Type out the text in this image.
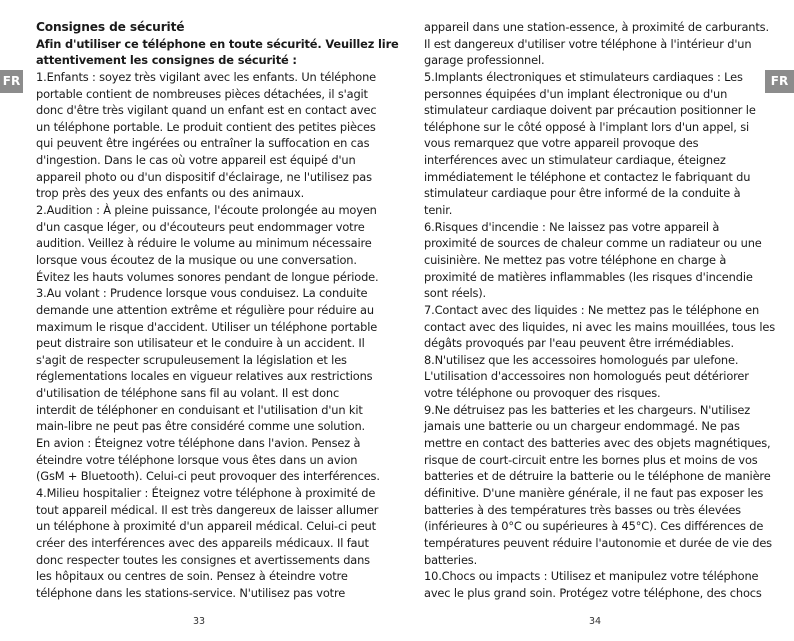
FR
Consignes de sécurité
Afin d'utiliser ce téléphone en toute sécurité. Veuillez lire
attentivement les consignes de sécurité :
1.Enfants : soyez très vigilant avec les enfants. Un téléphone
portable contient de nombreuses pièces détachées, il s'agit
donc d'être très vigilant quand un enfant est en contact avec
un téléphone portable. Le produit contient des petites pièces
qui peuvent être ingérées ou entraîner la suffocation en cas
d'ingestion. Dans le cas où votre appareil est équipé d'un
appareil photo ou d'un dispositif d'éclairage, ne l'utilisez pas
trop près des yeux des enfants ou des animaux.
2.Audition : À pleine puissance, l'écoute prolongée au moyen
d'un casque léger, ou d'écouteurs peut endommager votre
audition. Veillez à réduire le volume au minimum nécessaire
lorsque vous écoutez de la musique ou une conversation.
Évitez les hauts volumes sonores pendant de longue période.
3.Au volant : Prudence lorsque vous conduisez. La conduite
demande une attention extrême et régulière pour réduire au
maximum le risque d'accident. Utiliser un téléphone portable
peut distraire son utilisateur et le conduire à un accident. Il
s'agit de respecter scrupuleusement la législation et les
réglementations locales en vigueur relatives aux restrictions
d'utilisation de téléphone sans fil au volant. Il est donc
interdit de téléphoner en conduisant et l'utilisation d'un kit
main-libre ne peut pas être considéré comme une solution.
En avion : Éteignez votre téléphone dans l'avion. Pensez à
éteindre votre téléphone lorsque vous êtes dans un avion
(GsM + Bluetooth). Celui-ci peut provoquer des interférences.
4.Milieu hospitalier : Éteignez votre téléphone à proximité de
tout appareil médical. Il est très dangereux de laisser allumer
un téléphone à proximité d'un appareil médical. Celui-ci peut
créer des interférences avec des appareils médicaux. Il faut
donc respecter toutes les consignes et avertissements dans
les hôpitaux ou centres de soin. Pensez à éteindre votre
téléphone dans les stations-service. N'utilisez pas votre
33
FR
appareil dans une station-essence, à proximité de carburants.
Il est dangereux d'utiliser votre téléphone à l'intérieur d'un
garage professionnel.
5.Implants électroniques et stimulateurs cardiaques : Les
personnes équipées d'un implant électronique ou d'un
stimulateur cardiaque doivent par précaution positionner le
téléphone sur le côté opposé à l'implant lors d'un appel, si
vous remarquez que votre appareil provoque des
interférences avec un stimulateur cardiaque, éteignez
immédiatement le téléphone et contactez le fabriquant du
stimulateur cardiaque pour être informé de la conduite à
tenir.
6.Risques d'incendie : Ne laissez pas votre appareil à
proximité de sources de chaleur comme un radiateur ou une
cuisinière. Ne mettez pas votre téléphone en charge à
proximité de matières inflammables (les risques d'incendie
sont réels).
7.Contact avec des liquides : Ne mettez pas le téléphone en
contact avec des liquides, ni avec les mains mouillées, tous les
dégâts provoqués par l'eau peuvent être irrémédiables.
8.N'utilisez que les accessoires homologués par ulefone.
L'utilisation d'accessoires non homologués peut détériorer
votre téléphone ou provoquer des risques.
9.Ne détruisez pas les batteries et les chargeurs. N'utilisez
jamais une batterie ou un chargeur endommagé. Ne pas
mettre en contact des batteries avec des objets magnétiques,
risque de court-circuit entre les bornes plus et moins de vos
batteries et de détruire la batterie ou le téléphone de manière
définitive. D'une manière générale, il ne faut pas exposer les
batteries à des températures très basses ou très élevées
(inférieures à 0°C ou supérieures à 45°C). Ces différences de
températures peuvent réduire l'autonomie et durée de vie des
batteries.
10.Chocs ou impacts : Utilisez et manipulez votre téléphone
avec le plus grand soin. Protégez votre téléphone, des chocs
34
